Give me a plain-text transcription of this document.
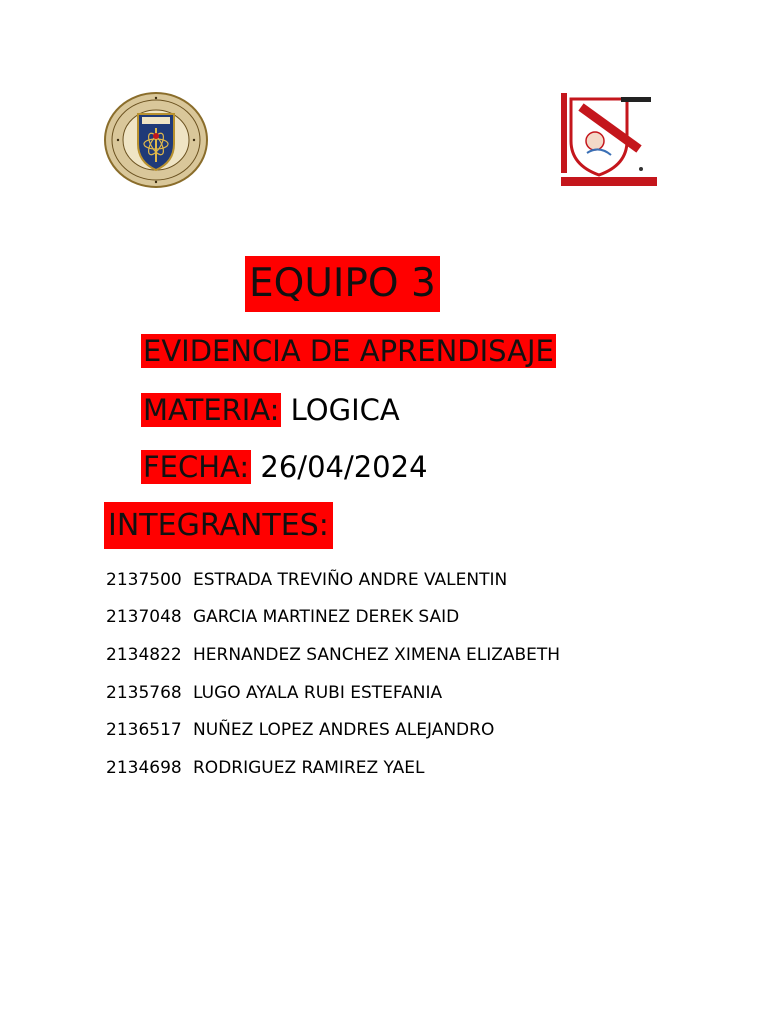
EQUIPO 3
EVIDENCIA DE APRENDISAJE
MATERIA: LOGICA
FECHA: 26/04/2024
INTEGRANTES:
2137500 ESTRADA TREVIÑO ANDRE VALENTIN
2137048 GARCIA MARTINEZ DEREK SAID
2134822 HERNANDEZ SANCHEZ XIMENA ELIZABETH
2135768 LUGO AYALA RUBI ESTEFANIA
2136517 NUÑEZ LOPEZ ANDRES ALEJANDRO
2134698 RODRIGUEZ RAMIREZ YAEL
